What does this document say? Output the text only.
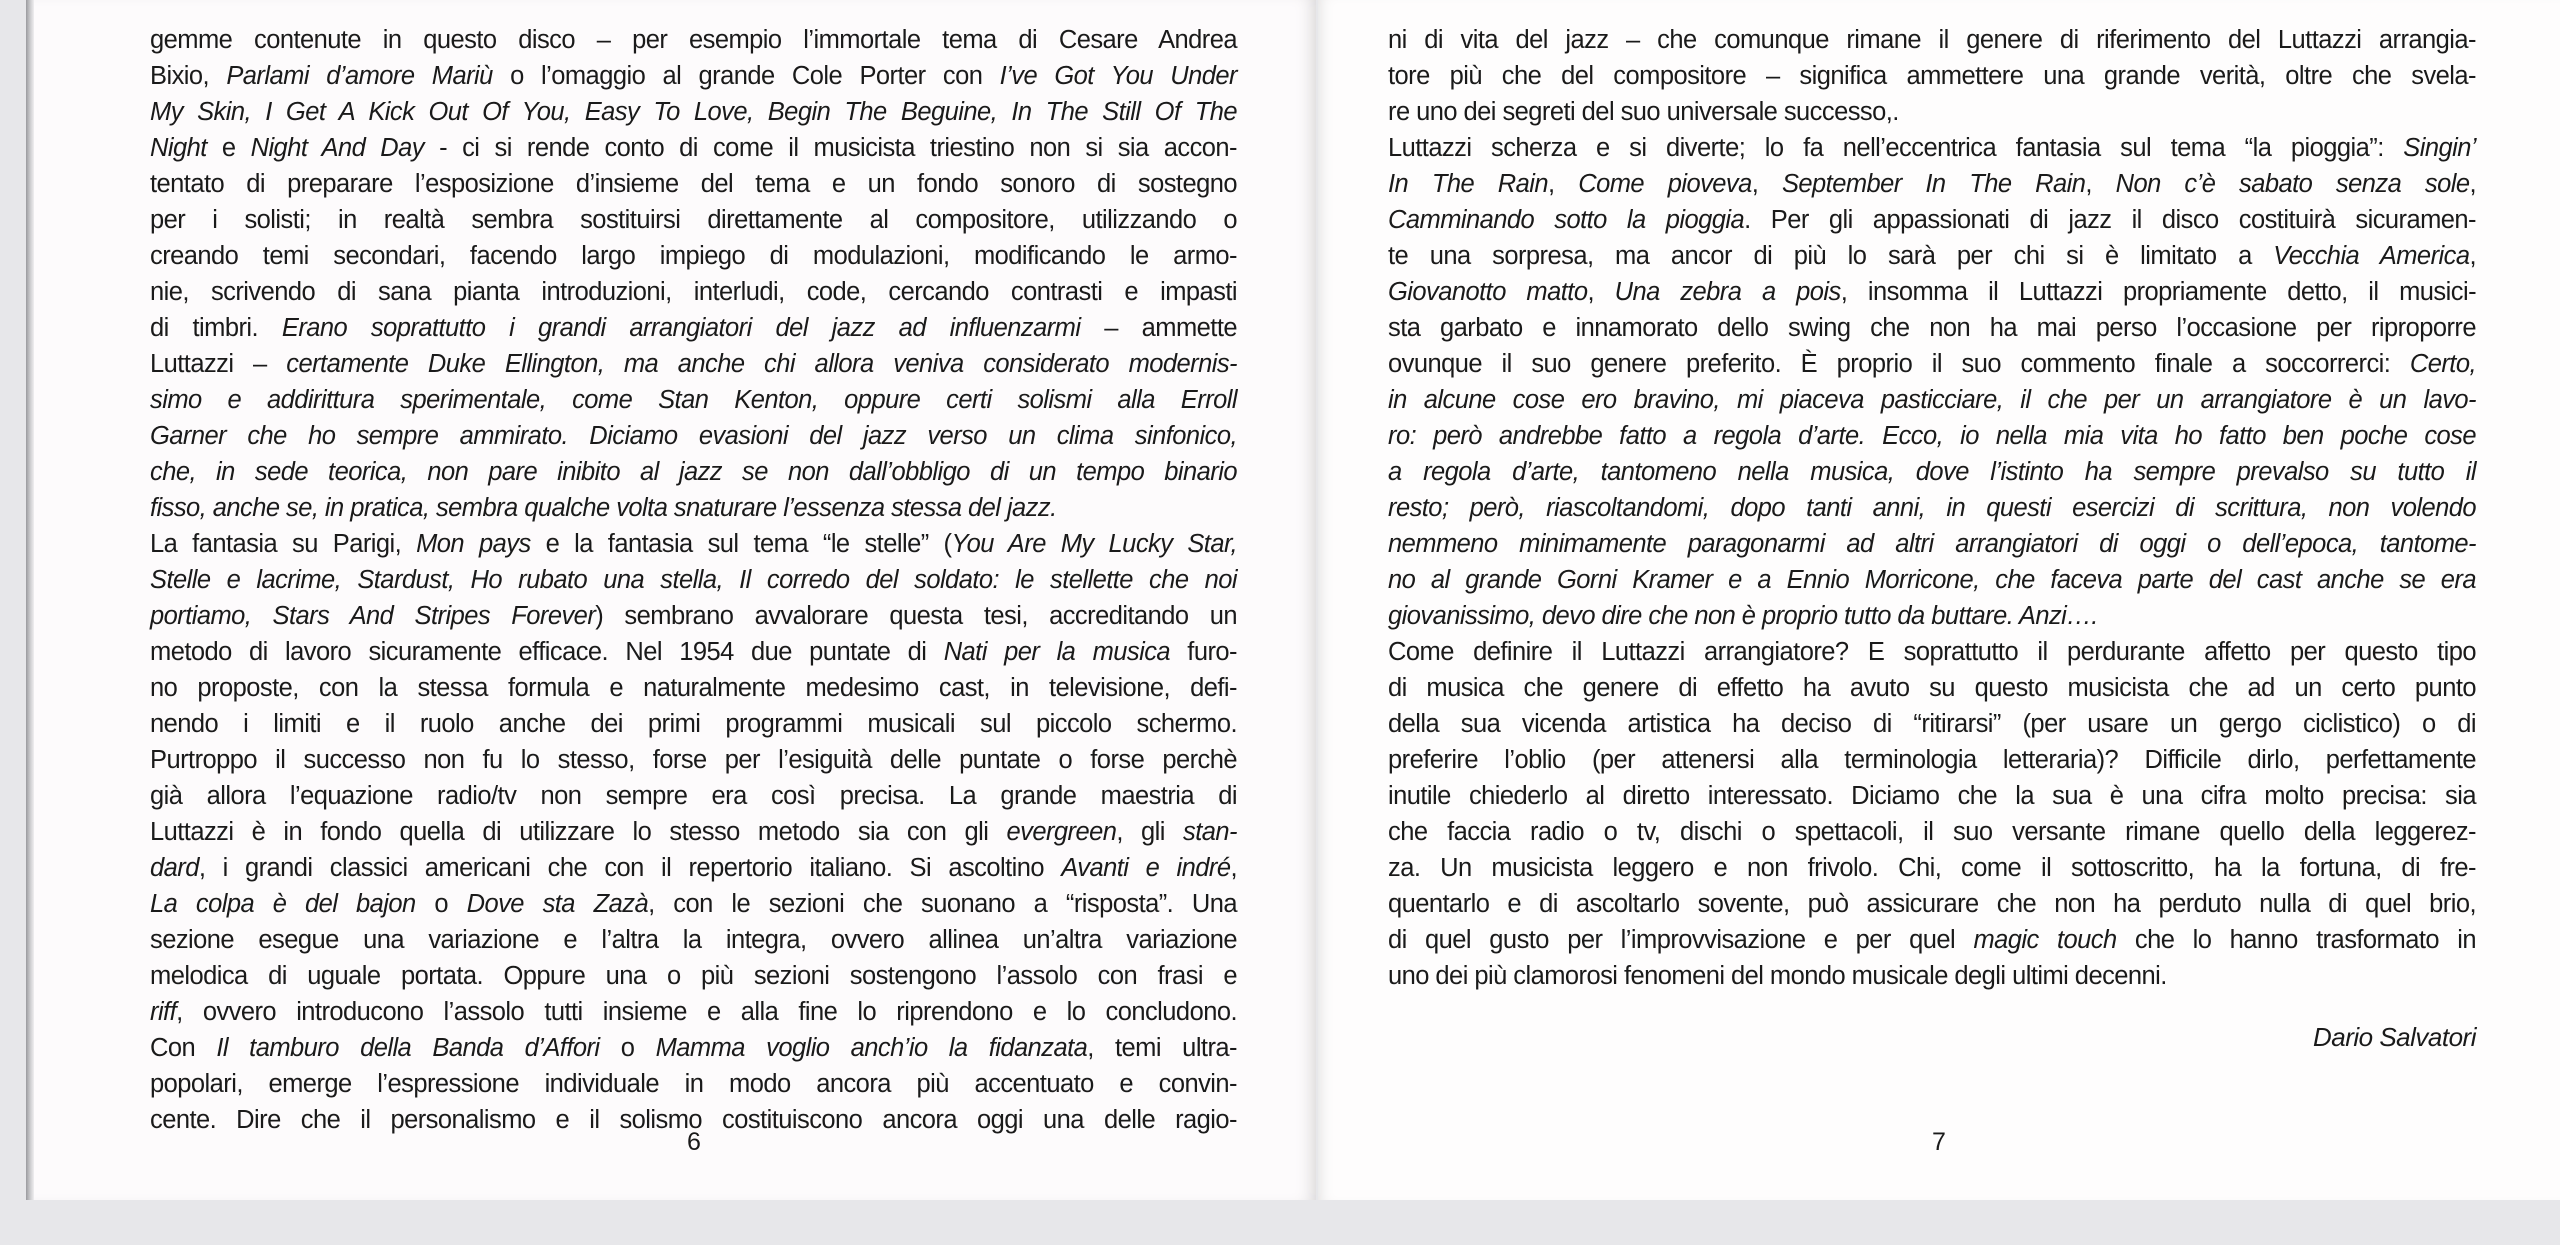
gemme contenute in questo disco – per esempio l’immortale tema di Cesare Andrea
Bixio, Parlami d’amore Mariù o l’omaggio al grande Cole Porter con I’ve Got You Under
My Skin, I Get A Kick Out Of You, Easy To Love, Begin The Beguine, In The Still Of The
Night e Night And Day - ci si rende conto di come il musicista triestino non si sia accon-
tentato di preparare l’esposizione d’insieme del tema e un fondo sonoro di sostegno
per i solisti; in realtà sembra sostituirsi direttamente al compositore, utilizzando o
creando temi secondari, facendo largo impiego di modulazioni, modificando le armo-
nie, scrivendo di sana pianta introduzioni, interludi, code, cercando contrasti e impasti
di timbri. Erano soprattutto i grandi arrangiatori del jazz ad influenzarmi – ammette
Luttazzi – certamente Duke Ellington, ma anche chi allora veniva considerato modernis-
simo e addirittura sperimentale, come Stan Kenton, oppure certi solismi alla Erroll
Garner che ho sempre ammirato. Diciamo evasioni del jazz verso un clima sinfonico,
che, in sede teorica, non pare inibito al jazz se non dall’obbligo di un tempo binario
fisso, anche se, in pratica, sembra qualche volta snaturare l’essenza stessa del jazz.
La fantasia su Parigi, Mon pays e la fantasia sul tema “le stelle” (You Are My Lucky Star,
Stelle e lacrime, Stardust, Ho rubato una stella, Il corredo del soldato: le stellette che noi
portiamo, Stars And Stripes Forever) sembrano avvalorare questa tesi, accreditando un
metodo di lavoro sicuramente efficace. Nel 1954 due puntate di Nati per la musica furo-
no proposte, con la stessa formula e naturalmente medesimo cast, in televisione, defi-
nendo i limiti e il ruolo anche dei primi programmi musicali sul piccolo schermo.
Purtroppo il successo non fu lo stesso, forse per l’esiguità delle puntate o forse perchè
già allora l’equazione radio/tv non sempre era così precisa. La grande maestria di
Luttazzi è in fondo quella di utilizzare lo stesso metodo sia con gli evergreen, gli stan-
dard, i grandi classici americani che con il repertorio italiano. Si ascoltino Avanti e indré,
La colpa è del bajon o Dove sta Zazà, con le sezioni che suonano a “risposta”. Una
sezione esegue una variazione e l’altra la integra, ovvero allinea un’altra variazione
melodica di uguale portata. Oppure una o più sezioni sostengono l’assolo con frasi e
riff, ovvero introducono l’assolo tutti insieme e alla fine lo riprendono e lo concludono.
Con Il tamburo della Banda d’Affori o Mamma voglio anch’io la fidanzata, temi ultra-
popolari, emerge l’espressione individuale in modo ancora più accentuato e convin-
cente. Dire che il personalismo e il solismo costituiscono ancora oggi una delle ragio-
6
ni di vita del jazz – che comunque rimane il genere di riferimento del Luttazzi arrangia-
tore più che del compositore – significa ammettere una grande verità, oltre che svela-
re uno dei segreti del suo universale successo,.
Luttazzi scherza e si diverte; lo fa nell’eccentrica fantasia sul tema “la pioggia”: Singin’
In The Rain, Come pioveva, September In The Rain, Non c’è sabato senza sole,
Camminando sotto la pioggia. Per gli appassionati di jazz il disco costituirà sicuramen-
te una sorpresa, ma ancor di più lo sarà per chi si è limitato a Vecchia America,
Giovanotto matto, Una zebra a pois, insomma il Luttazzi propriamente detto, il musici-
sta garbato e innamorato dello swing che non ha mai perso l’occasione per riproporre
ovunque il suo genere preferito. È proprio il suo commento finale a soccorrerci: Certo,
in alcune cose ero bravino, mi piaceva pasticciare, il che per un arrangiatore è un lavo-
ro: però andrebbe fatto a regola d’arte. Ecco, io nella mia vita ho fatto ben poche cose
a regola d’arte, tantomeno nella musica, dove l’istinto ha sempre prevalso su tutto il
resto; però, riascoltandomi, dopo tanti anni, in questi esercizi di scrittura, non volendo
nemmeno minimamente paragonarmi ad altri arrangiatori di oggi o dell’epoca, tantome-
no al grande Gorni Kramer e a Ennio Morricone, che faceva parte del cast anche se era
giovanissimo, devo dire che non è proprio tutto da buttare. Anzi….
Come definire il Luttazzi arrangiatore? E soprattutto il perdurante affetto per questo tipo
di musica che genere di effetto ha avuto su questo musicista che ad un certo punto
della sua vicenda artistica ha deciso di “ritirarsi” (per usare un gergo ciclistico) o di
preferire l’oblio (per attenersi alla terminologia letteraria)? Difficile dirlo, perfettamente
inutile chiederlo al diretto interessato. Diciamo che la sua è una cifra molto precisa: sia
che faccia radio o tv, dischi o spettacoli, il suo versante rimane quello della leggerez-
za. Un musicista leggero e non frivolo. Chi, come il sottoscritto, ha la fortuna, di fre-
quentarlo e di ascoltarlo sovente, può assicurare che non ha perduto nulla di quel brio,
di quel gusto per l’improvvisazione e per quel magic touch che lo hanno trasformato in
uno dei più clamorosi fenomeni del mondo musicale degli ultimi decenni.
Dario Salvatori
7
